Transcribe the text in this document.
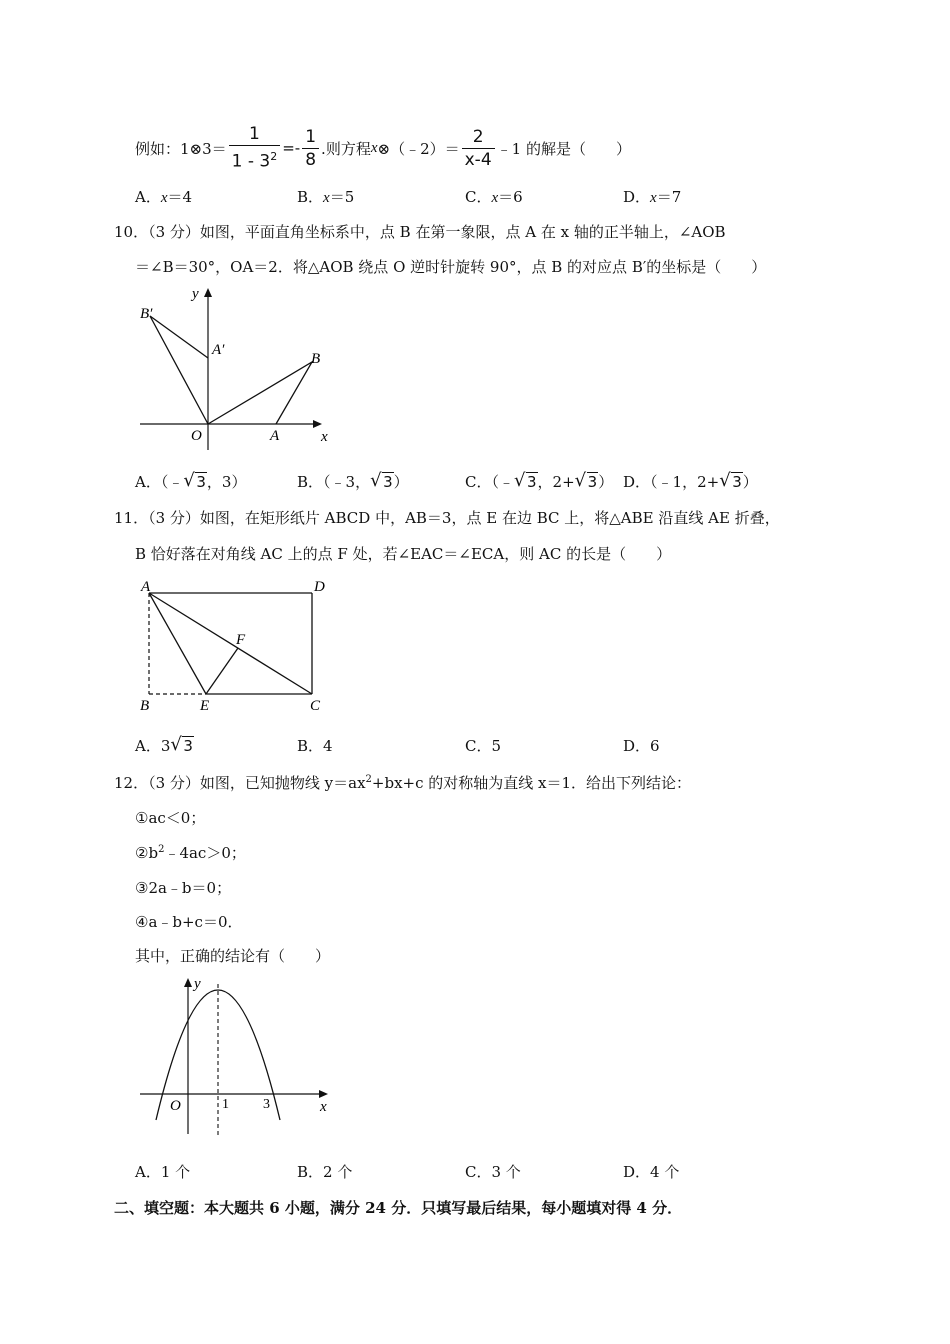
例如：1⊗3＝ $\frac{1}{1 - 3^2} =- \frac{1}{8}$ .则方程 x ⊗（﹣2）＝ $\frac{2}{x-4}$ ﹣1 的解是（　　）
A．x＝4	B．x＝5	C．x＝6	D．x＝7
10．（3 分）如图，平面直角坐标系中，点 B 在第一象限，点 A 在 x 轴的正半轴上，∠AOB
＝∠B＝30°，OA＝2．将△AOB 绕点 O 逆时针旋转 90°，点 B 的对应点 B′的坐标是（　　）
B′
A′
B
O	A	x
y
A．（﹣ √ 3，3）	B．（﹣3， √ 3）	C．（﹣ √ 3，2+ √ 3） D．（﹣1，2+ √ 3）
11．（3 分）如图，在矩形纸片 ABCD 中，AB＝3，点 E 在边 BC 上，将△ABE 沿直线 AE 折叠，
B 恰好落在对角线 AC 上的点 F 处，若∠EAC＝∠ECA，则 AC 的长是（　　）
A	D
F
B	E	C
A．3 √ 3	B．4	C．5	D．6
12．（3 分）如图，已知抛物线 $y=ax^2+bx+c$ 的对称轴为直线 x＝1．给出下列结论：
①ac＜0；
$②b^2﹣4ac>0$；
③2a﹣b＝0；
④a﹣b+c＝0．
其中，正确的结论有（　　）
y
O	1 3	x
A．1 个	B．2 个	C．3 个	D．4 个
二、填空题：本大题共 6 小题，满分 24 分．只填写最后结果，每小题填对得 4 分．
